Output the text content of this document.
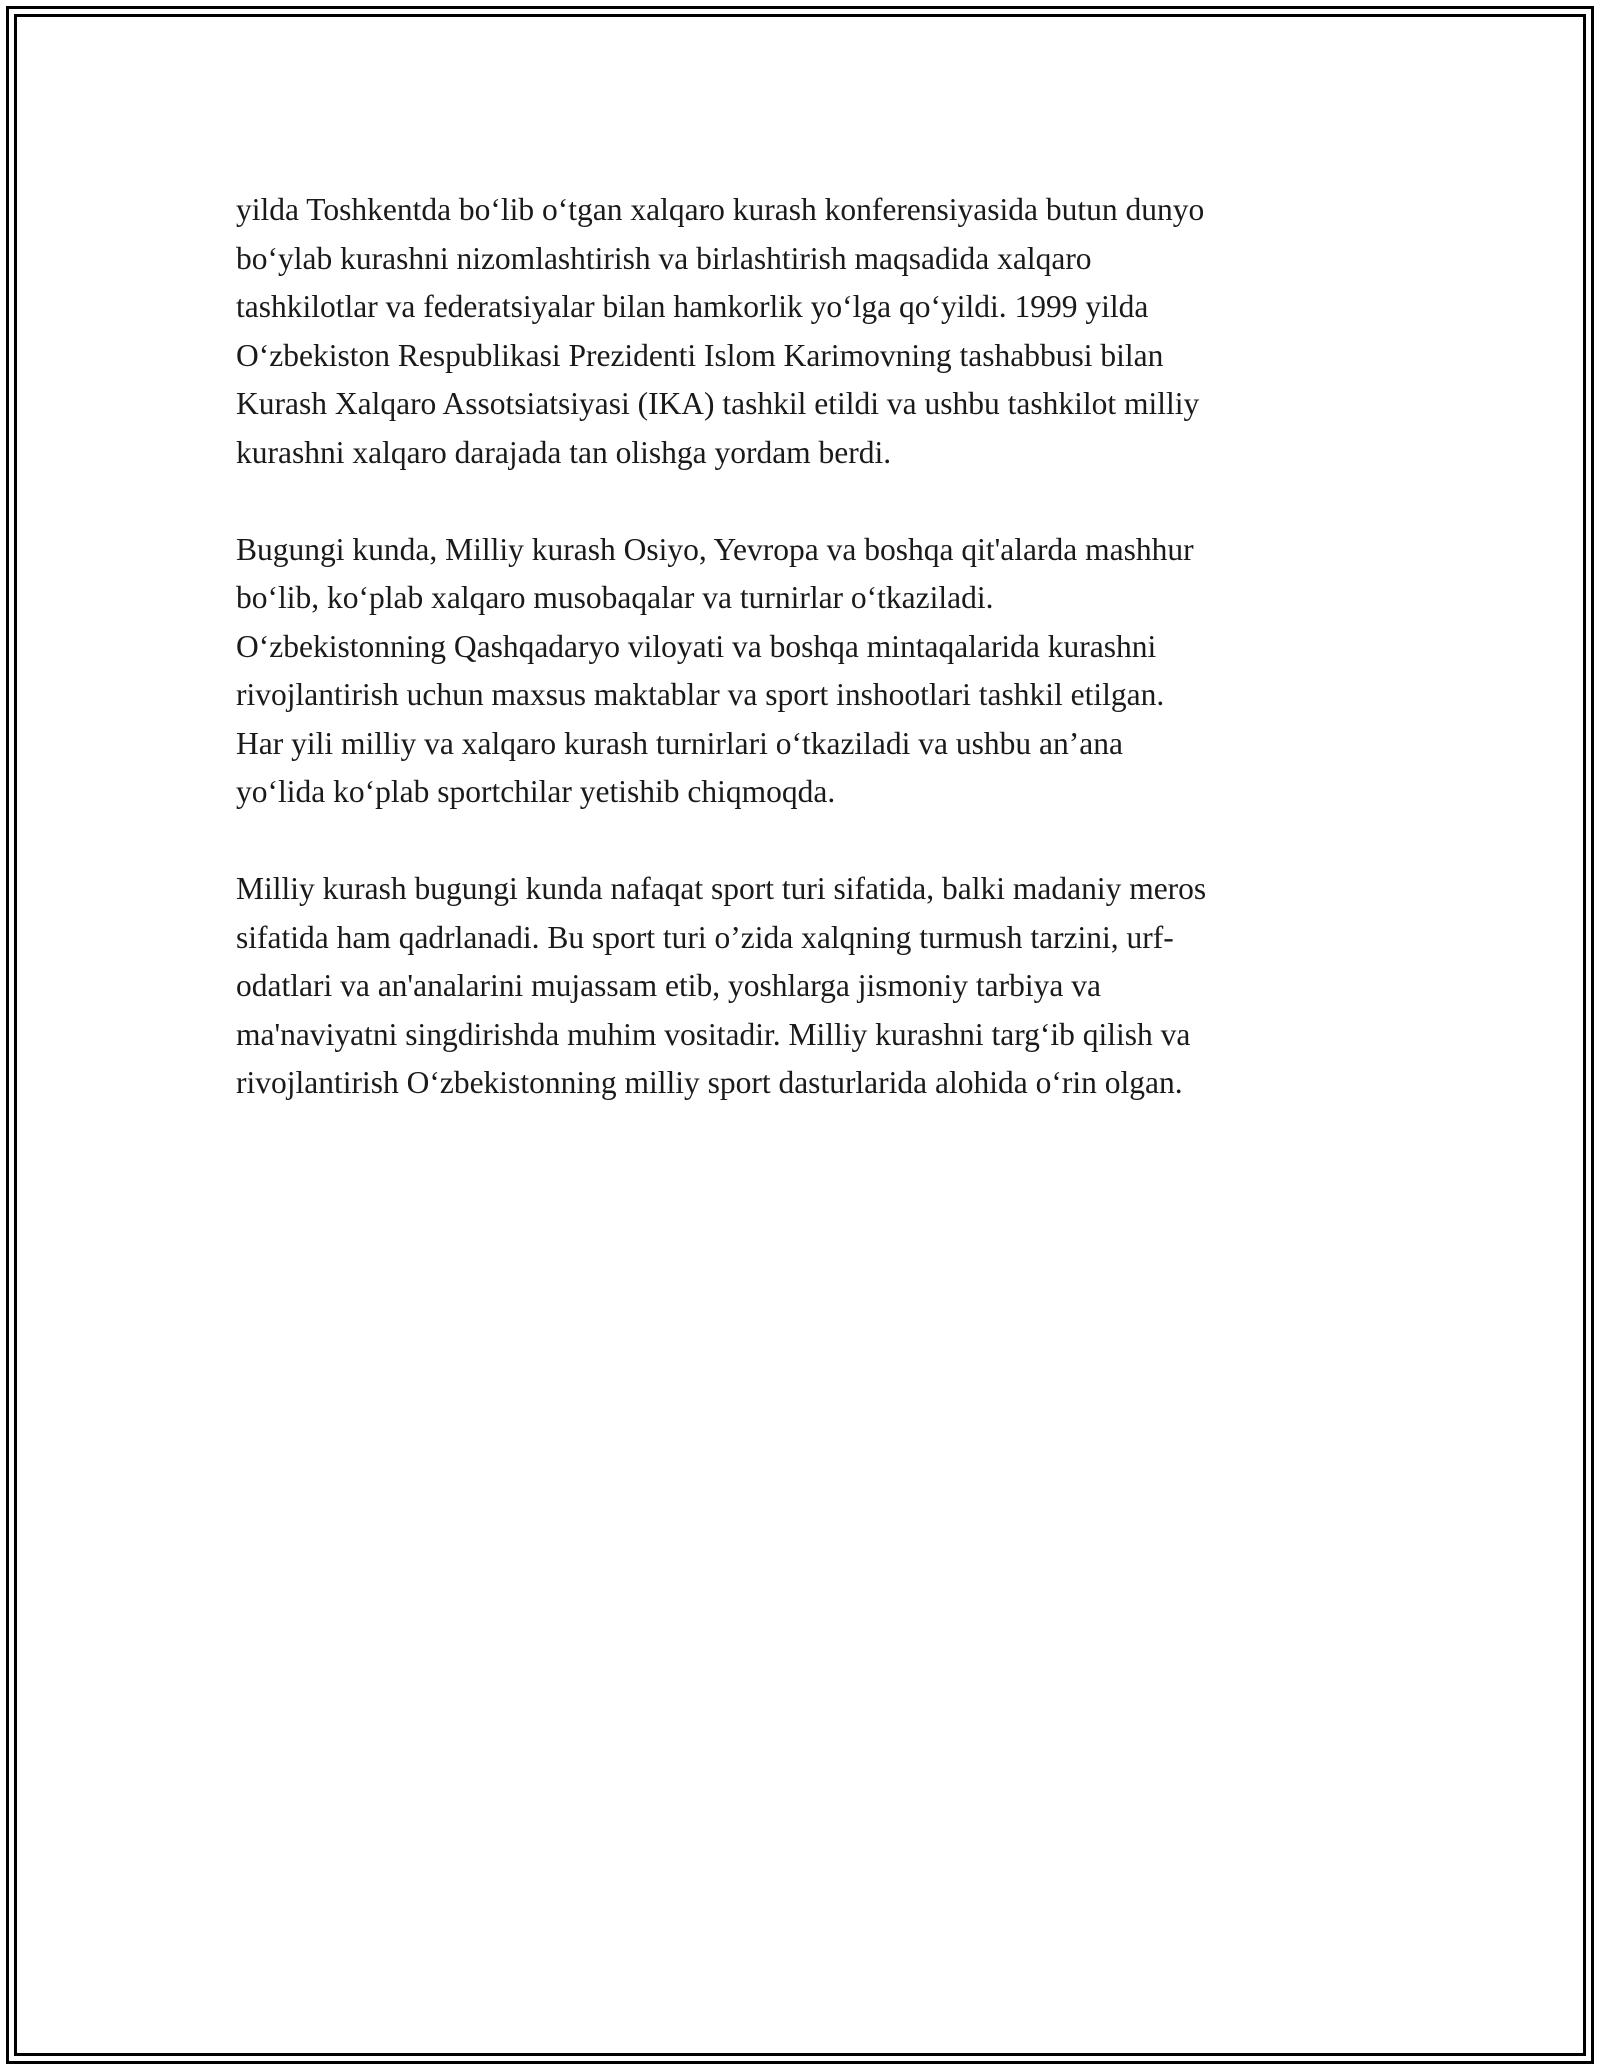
yilda Toshkentda bo‘lib o‘tgan xalqaro kurash konferensiyasida butun dunyo
bo‘ylab kurashni nizomlashtirish va birlashtirish maqsadida xalqaro
tashkilotlar va federatsiyalar bilan hamkorlik yo‘lga qo‘yildi. 1999 yilda
O‘zbekiston Respublikasi Prezidenti Islom Karimovning tashabbusi bilan
Kurash Xalqaro Assotsiatsiyasi (IKA) tashkil etildi va ushbu tashkilot milliy
kurashni xalqaro darajada tan olishga yordam berdi.

Bugungi kunda, Milliy kurash Osiyo, Yevropa va boshqa qit'alarda mashhur
bo‘lib, ko‘plab xalqaro musobaqalar va turnirlar o‘tkaziladi.
O‘zbekistonning Qashqadaryo viloyati va boshqa mintaqalarida kurashni
rivojlantirish uchun maxsus maktablar va sport inshootlari tashkil etilgan.
Har yili milliy va xalqaro kurash turnirlari o‘tkaziladi va ushbu an’ana
yo‘lida ko‘plab sportchilar yetishib chiqmoqda.

Milliy kurash bugungi kunda nafaqat sport turi sifatida, balki madaniy meros
sifatida ham qadrlanadi. Bu sport turi o’zida xalqning turmush tarzini, urf-
odatlari va an'analarini mujassam etib, yoshlarga jismoniy tarbiya va
ma'naviyatni singdirishda muhim vositadir. Milliy kurashni targ‘ib qilish va
rivojlantirish O‘zbekistonning milliy sport dasturlarida alohida o‘rin olgan.
